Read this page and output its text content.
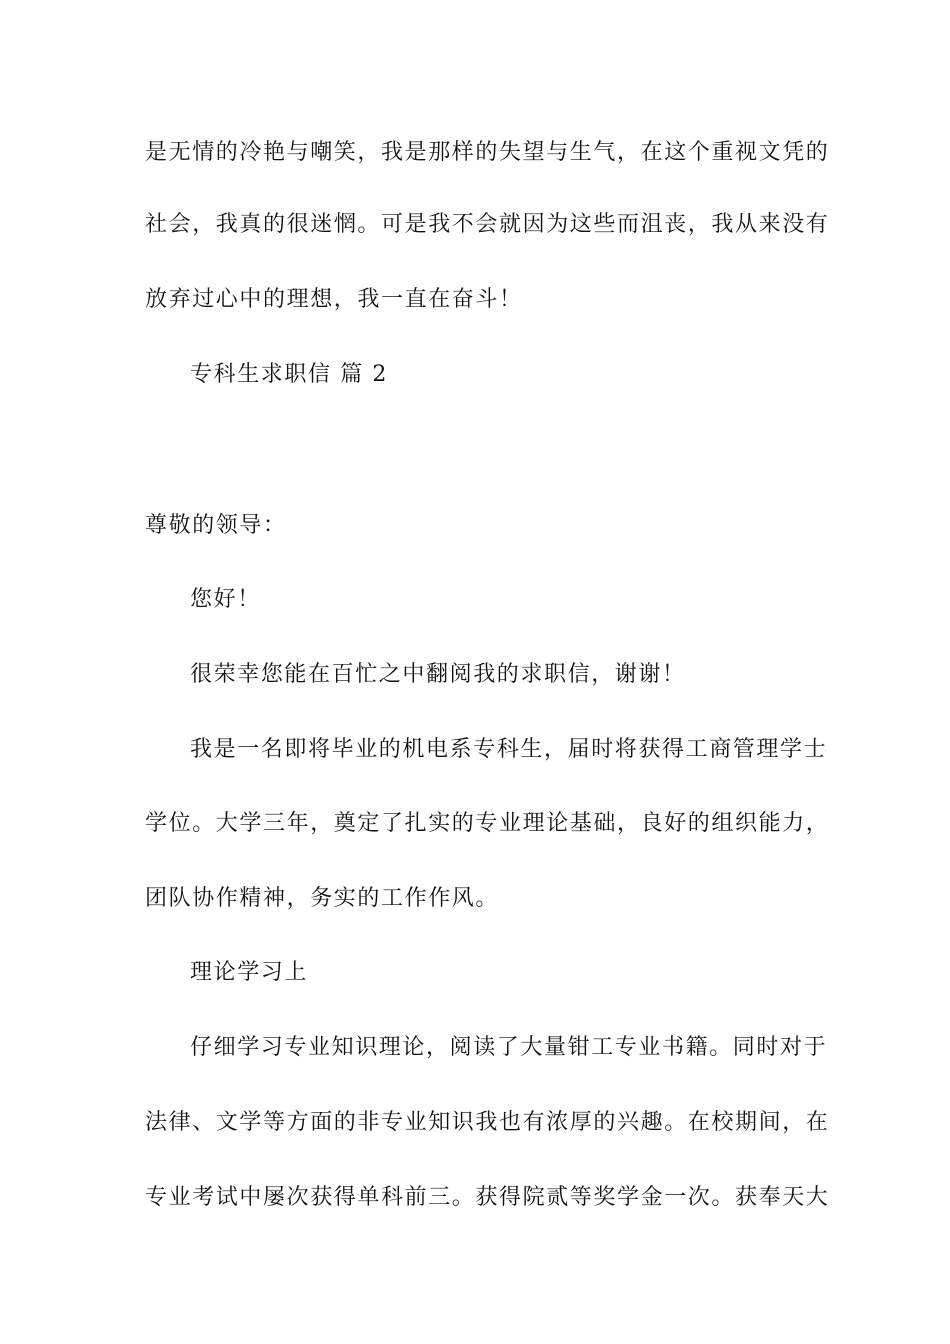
是无情的冷艳与嘲笑，我是那样的失望与生气，在这个重视文凭的
社会，我真的很迷惘。可是我不会就因为这些而沮丧，我从来没有
放弃过心中的理想，我一直在奋斗！
专科生求职信 篇 2
尊敬的领导：
您好！
很荣幸您能在百忙之中翻阅我的求职信，谢谢！
我是一名即将毕业的机电系专科生，届时将获得工商管理学士
学位。大学三年，奠定了扎实的专业理论基础，良好的组织能力，
团队协作精神，务实的工作作风。
理论学习上
仔细学习专业知识理论，阅读了大量钳工专业书籍。同时对于
法律、文学等方面的非专业知识我也有浓厚的兴趣。在校期间，在
专业考试中屡次获得单科前三。获得院贰等奖学金一次。获奉天大
